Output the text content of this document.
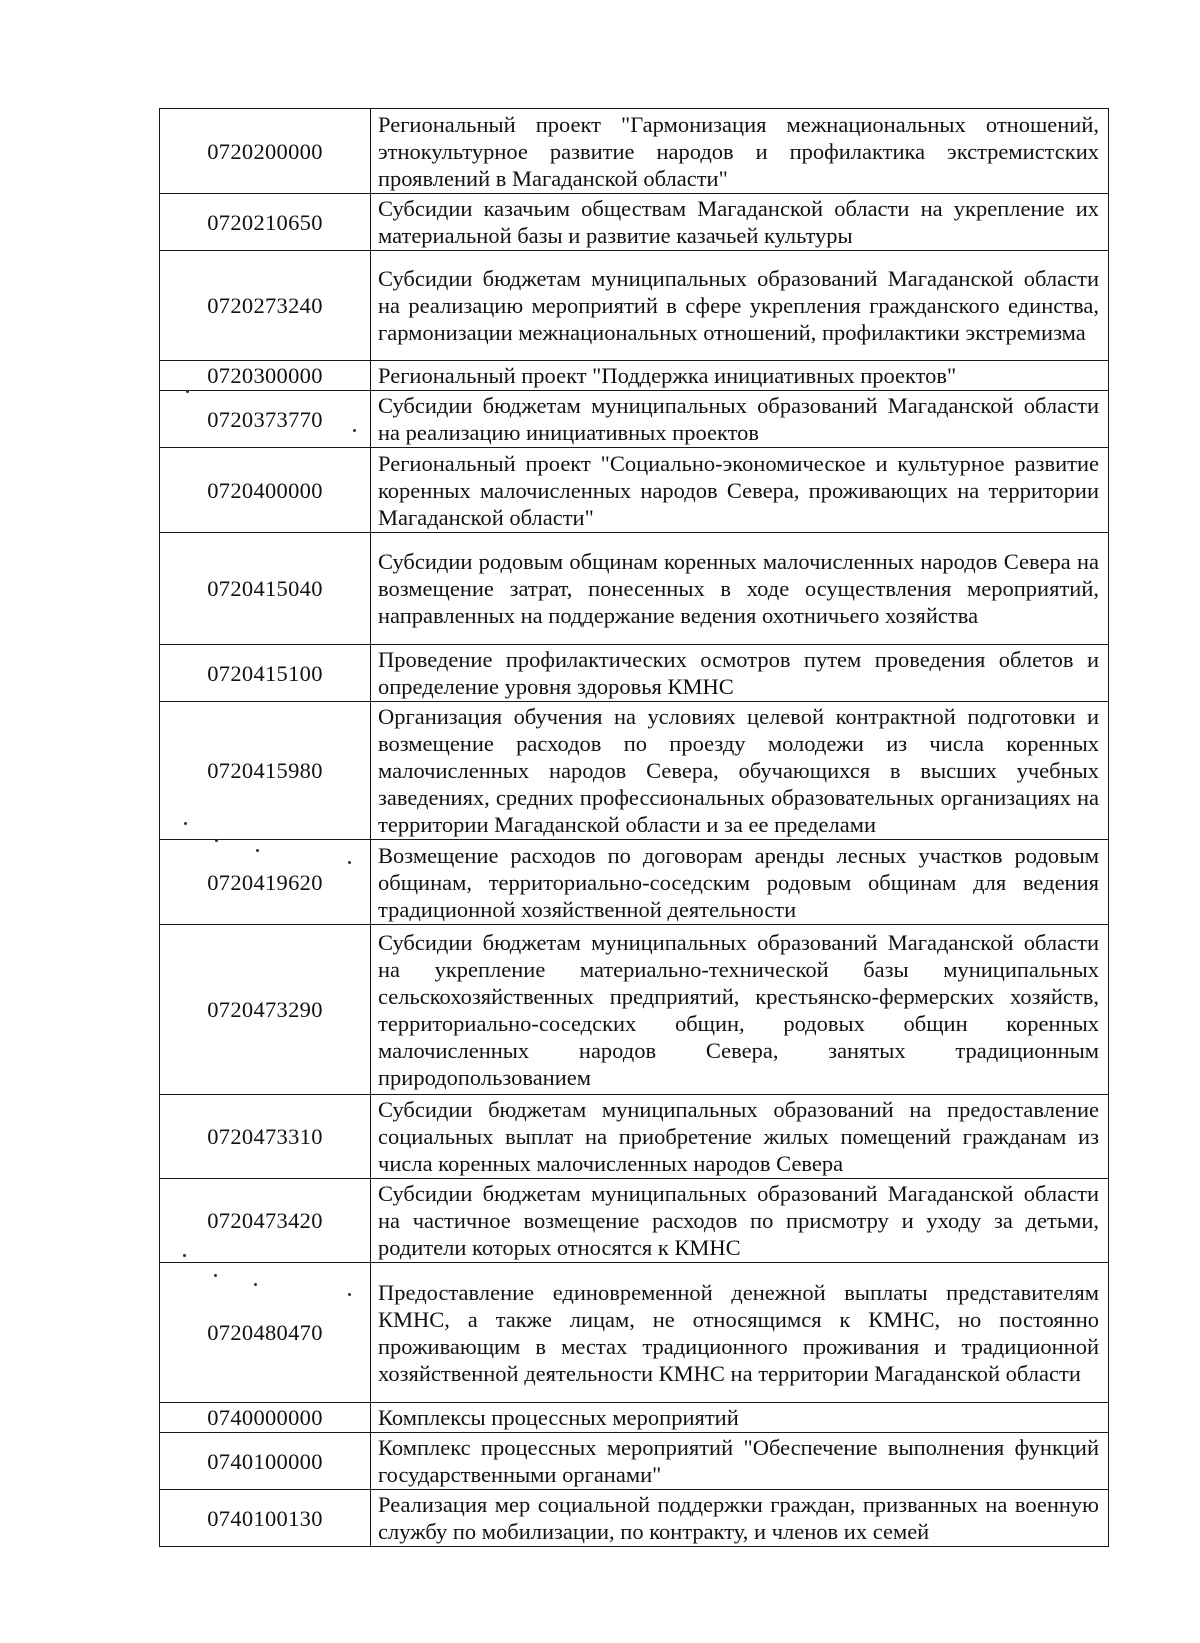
0720200000	Региональный проект "Гармонизация межнациональных отношений, этнокультурное развитие народов и профилактика экстремистских проявлений в Магаданской области"
0720210650	Субсидии казачьим обществам Магаданской области на укрепление их материальной базы и развитие казачьей культуры
0720273240	Субсидии бюджетам муниципальных образований Магаданской области на реализацию мероприятий в сфере укрепления гражданского единства, гармонизации межнациональных отношений, профилактики экстремизма
0720300000	Региональный проект "Поддержка инициативных проектов"
0720373770	Субсидии бюджетам муниципальных образований Магаданской области на реализацию инициативных проектов
0720400000	Региональный проект "Социально-экономическое и культурное развитие коренных малочисленных народов Севера, проживающих на территории Магаданской области"
0720415040	Субсидии родовым общинам коренных малочисленных народов Севера на возмещение затрат, понесенных в ходе осуществления мероприятий, направленных на поддержание ведения охотничьего хозяйства
0720415100	Проведение профилактических осмотров путем проведения облетов и определение уровня здоровья КМНС
0720415980	Организация обучения на условиях целевой контрактной подготовки и возмещение расходов по проезду молодежи из числа коренных малочисленных народов Севера, обучающихся в высших учебных заведениях, средних профессиональных образовательных организациях на территории Магаданской области и за ее пределами
0720419620	Возмещение расходов по договорам аренды лесных участков родовым общинам, территориально-соседским родовым общинам для ведения традиционной хозяйственной деятельности
0720473290	Субсидии бюджетам муниципальных образований Магаданской области на укрепление материально-технической базы муниципальных сельскохозяйственных предприятий, крестьянско-фермерских хозяйств, территориально-соседских общин, родовых общин коренных малочисленных народов Севера, занятых традиционным природопользованием
0720473310	Субсидии бюджетам муниципальных образований на предоставление социальных выплат на приобретение жилых помещений гражданам из числа коренных малочисленных народов Севера
0720473420	Субсидии бюджетам муниципальных образований Магаданской области на частичное возмещение расходов по присмотру и уходу за детьми, родители которых относятся к КМНС
0720480470	Предоставление единовременной денежной выплаты представителям КМНС, а также лицам, не относящимся к КМНС, но постоянно проживающим в местах традиционного проживания и традиционной хозяйственной деятельности КМНС на территории Магаданской области
0740000000	Комплексы процессных мероприятий
0740100000	Комплекс процессных мероприятий "Обеспечение выполнения функций государственными органами"
0740100130	Реализация мер социальной поддержки граждан, призванных на военную службу по мобилизации, по контракту, и членов их семей
